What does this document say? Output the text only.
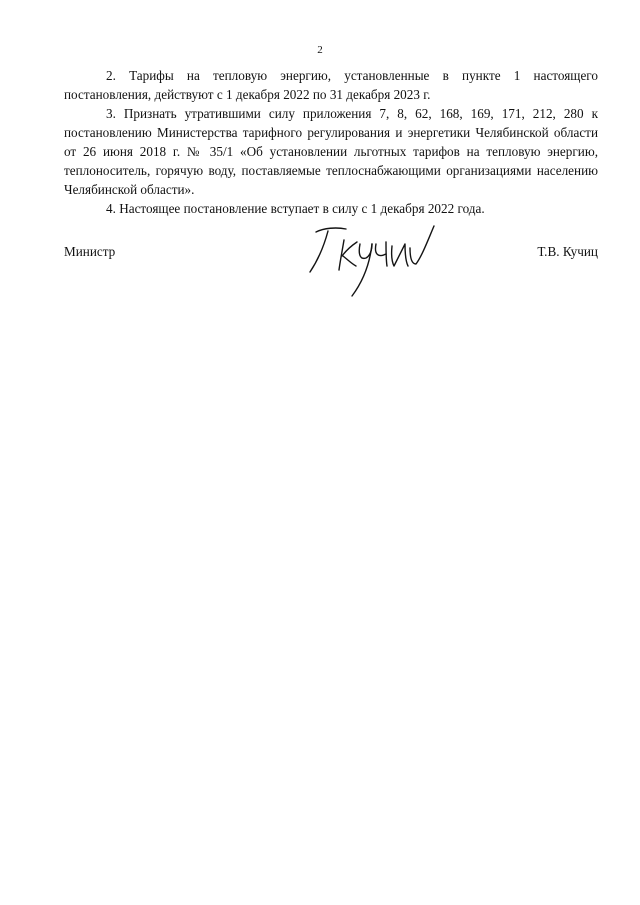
2

2. Тарифы на тепловую энергию, установленные в пункте 1 настоящего постановления, действуют с 1 декабря 2022 по 31 декабря 2023 г.

3. Признать утратившими силу приложения 7, 8, 62, 168, 169, 171, 212, 280 к постановлению Министерства тарифного регулирования и энергетики Челябинской области от 26 июня 2018 г. № 35/1 «Об установлении льготных тарифов на тепловую энергию, теплоноситель, горячую воду, поставляемые теплоснабжающими организациями населению Челябинской области».

4. Настоящее постановление вступает в силу с 1 декабря 2022 года.

Министр	Т.В. Кучиц
